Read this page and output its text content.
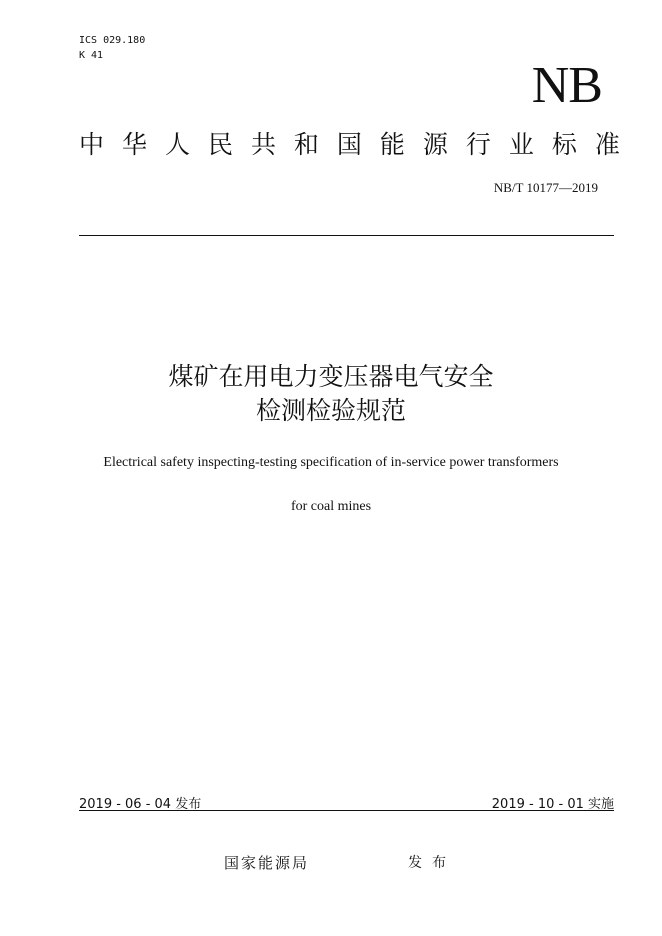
ICS 029.180
K 41
NB
中 华 人 民 共 和 国 能 源 行 业 标 准
NB/T 10177—2019
煤矿在用电力变压器电气安全
检测检验规范
Electrical safety inspecting-testing specification of in-service power transformers
for coal mines
2019 - 06 - 04 发布	2019 - 10 - 01 实施
国家能源局	发布
